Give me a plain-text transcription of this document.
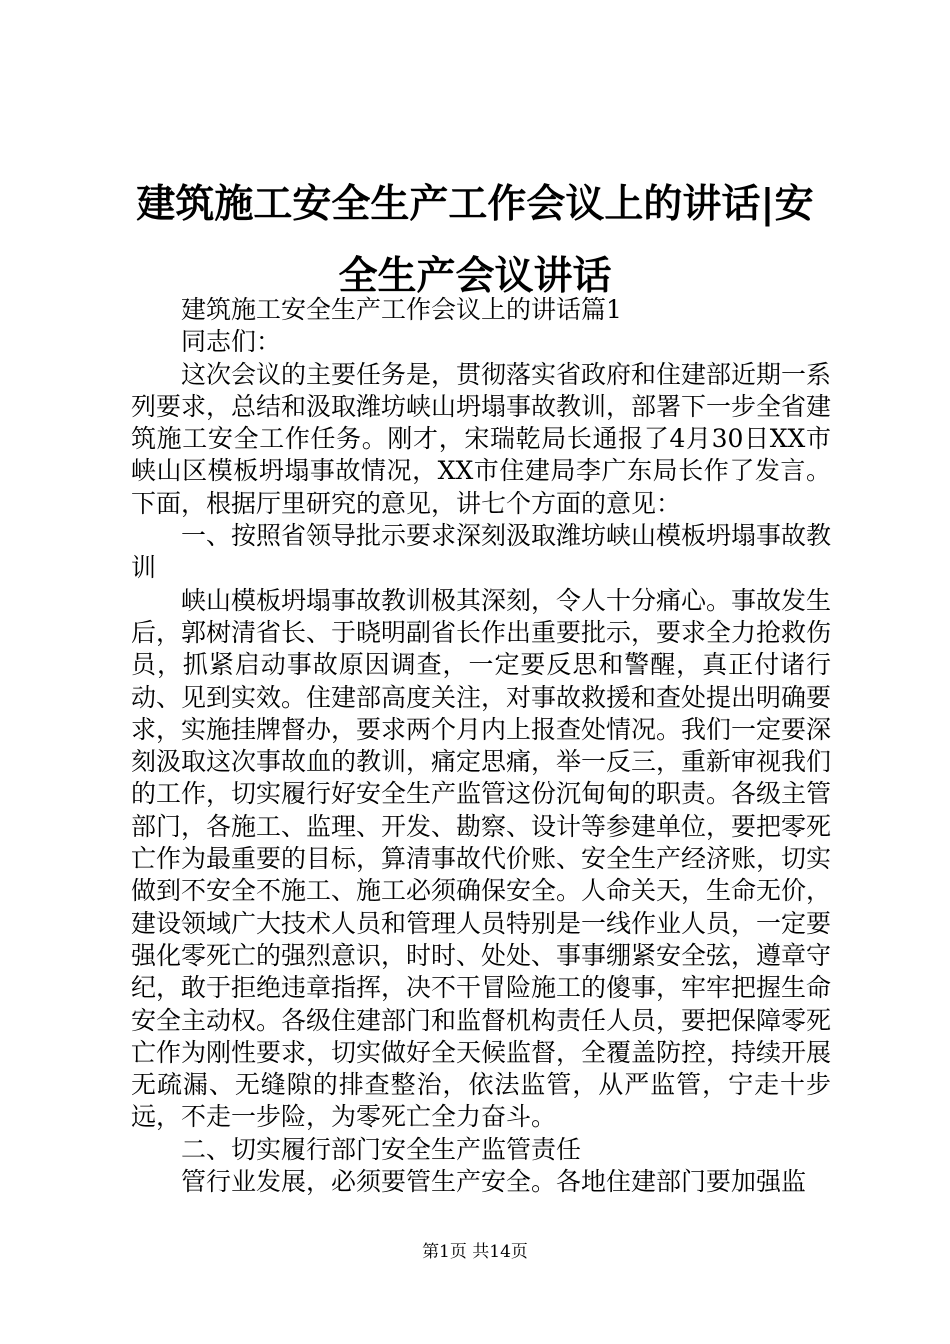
建筑施工安全生产工作会议上的讲话|安全生产会议讲话

建筑施工安全生产工作会议上的讲话篇1

同志们：

这次会议的主要任务是，贯彻落实省政府和住建部近期一系列要求，总结和汲取潍坊峡山坍塌事故教训，部署下一步全省建筑施工安全工作任务。刚才，宋瑞乾局长通报了4月30日XX市峡山区模板坍塌事故情况，XX市住建局李广东局长作了发言。下面，根据厅里研究的意见，讲七个方面的意见：

一、按照省领导批示要求深刻汲取潍坊峡山模板坍塌事故教训

峡山模板坍塌事故教训极其深刻，令人十分痛心。事故发生后，郭树清省长、于晓明副省长作出重要批示，要求全力抢救伤员，抓紧启动事故原因调查，一定要反思和警醒，真正付诸行动、见到实效。住建部高度关注，对事故救援和查处提出明确要求，实施挂牌督办，要求两个月内上报查处情况。我们一定要深刻汲取这次事故血的教训，痛定思痛，举一反三，重新审视我们的工作，切实履行好安全生产监管这份沉甸甸的职责。各级主管部门，各施工、监理、开发、勘察、设计等参建单位，要把零死亡作为最重要的目标，算清事故代价账、安全生产经济账，切实做到不安全不施工、施工必须确保安全。人命关天，生命无价，建设领域广大技术人员和管理人员特别是一线作业人员，一定要强化零死亡的强烈意识，时时、处处、事事绷紧安全弦，遵章守纪，敢于拒绝违章指挥，决不干冒险施工的傻事，牢牢把握生命安全主动权。各级住建部门和监督机构责任人员，要把保障零死亡作为刚性要求，切实做好全天候监督，全覆盖防控，持续开展无疏漏、无缝隙的排查整治，依法监管，从严监管，宁走十步远，不走一步险，为零死亡全力奋斗。

二、切实履行部门安全生产监管责任

管行业发展，必须要管生产安全。各地住建部门要加强监

第1页 共14页
